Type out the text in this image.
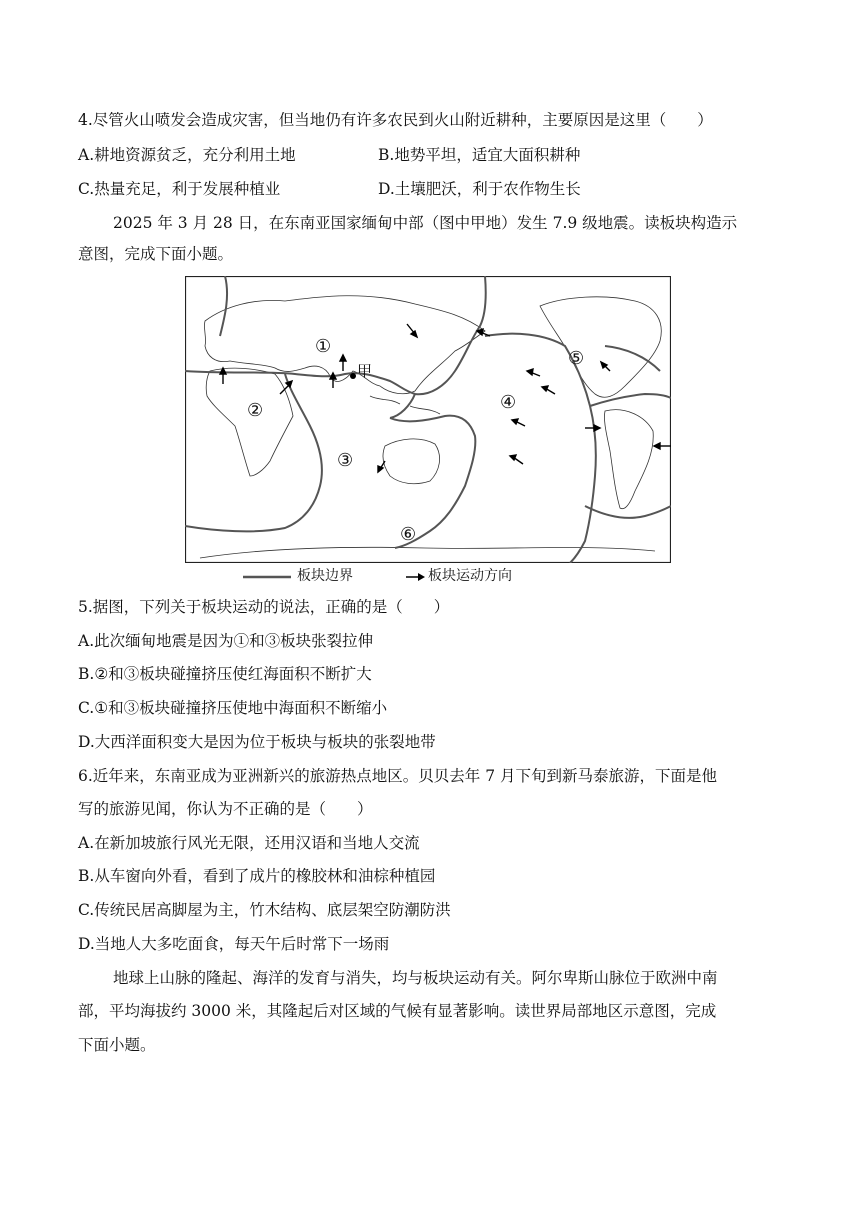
4.尽管火山喷发会造成灾害，但当地仍有许多农民到火山附近耕种，主要原因是这里（　　）
A.耕地资源贫乏，充分利用土地	B.地势平坦，适宜大面积耕种
C.热量充足，利于发展种植业	D.土壤肥沃，利于农作物生长
2025 年 3 月 28 日，在东南亚国家缅甸中部（图中甲地）发生 7.9 级地震。读板块构造示
意图，完成下面小题。
①
②
③
④
⑤
⑥
甲
板块边界	板块运动方向
5.据图，下列关于板块运动的说法，正确的是（　　）
A.此次缅甸地震是因为①和③板块张裂拉伸
B.②和③板块碰撞挤压使红海面积不断扩大
C.①和③板块碰撞挤压使地中海面积不断缩小
D.大西洋面积变大是因为位于板块与板块的张裂地带
6.近年来，东南亚成为亚洲新兴的旅游热点地区。贝贝去年 7 月下旬到新马泰旅游，下面是他
写的旅游见闻，你认为不正确的是（　　）
A.在新加坡旅行风光无限，还用汉语和当地人交流
B.从车窗向外看，看到了成片的橡胶林和油棕种植园
C.传统民居高脚屋为主，竹木结构、底层架空防潮防洪
D.当地人大多吃面食，每天午后时常下一场雨
地球上山脉的隆起、海洋的发育与消失，均与板块运动有关。阿尔卑斯山脉位于欧洲中南
部，平均海拔约 3000 米，其隆起后对区域的气候有显著影响。读世界局部地区示意图，完成
下面小题。
